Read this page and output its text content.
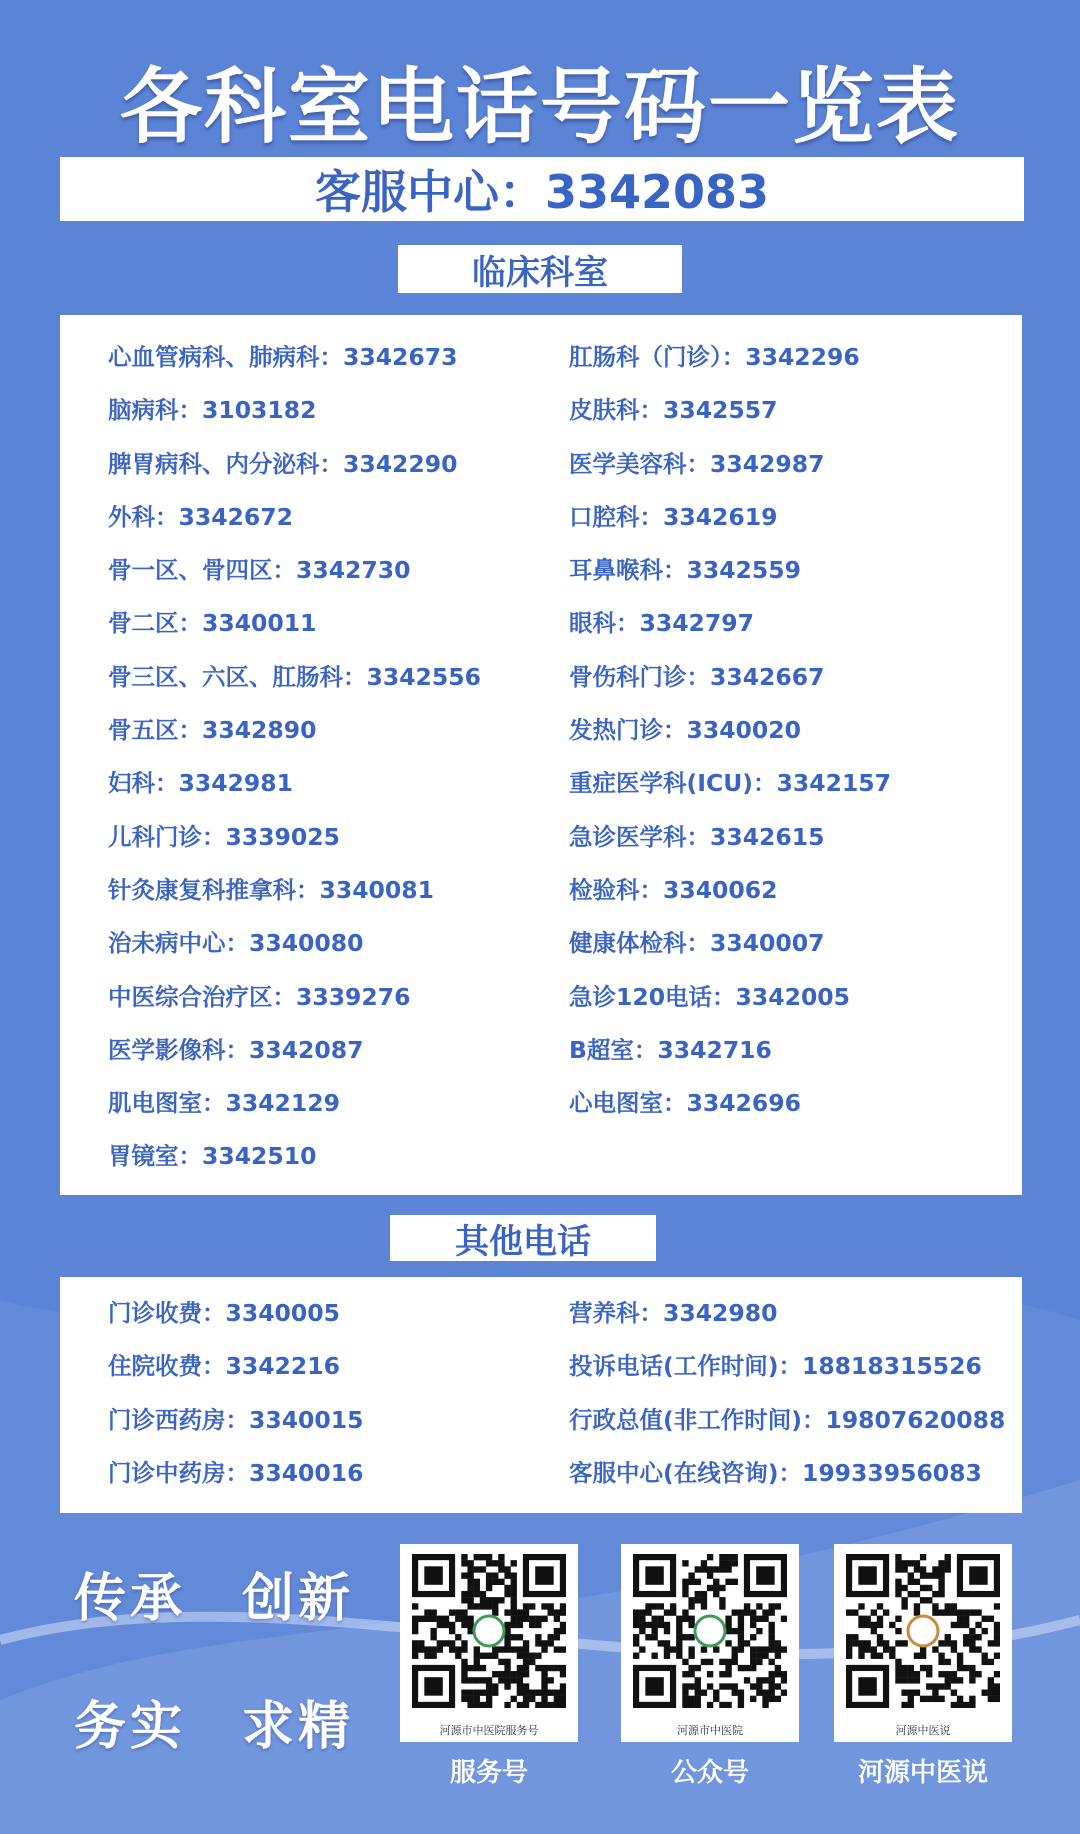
各科室电话号码一览表
客服中心：3342083
临床科室
心血管病科、肺病科：3342673
脑病科：3103182
脾胃病科、内分泌科：3342290
外科：3342672
骨一区、骨四区：3342730
骨二区：3340011
骨三区、六区、肛肠科：3342556
骨五区：3342890
妇科：3342981
儿科门诊：3339025
针灸康复科推拿科：3340081
治未病中心：3340080
中医综合治疗区：3339276
医学影像科：3342087
肌电图室：3342129
胃镜室：3342510
肛肠科（门诊）：3342296
皮肤科：3342557
医学美容科：3342987
口腔科：3342619
耳鼻喉科：3342559
眼科：3342797
骨伤科门诊：3342667
发热门诊：3340020
重症医学科(ICU)：3342157
急诊医学科：3342615
检验科：3340062
健康体检科：3340007
急诊120电话：3342005
B超室：3342716
心电图室：3342696
其他电话
门诊收费：3340005
住院收费：3342216
门诊西药房：3340015
门诊中药房：3340016
营养科：3342980
投诉电话(工作时间)：18818315526
行政总值(非工作时间)：19807620088
客服中心(在线咨询)：19933956083
传承　创新
务实　求精	河源市中医院服务号	河源市中医院	河源中医说
服务号	公众号	河源中医说
